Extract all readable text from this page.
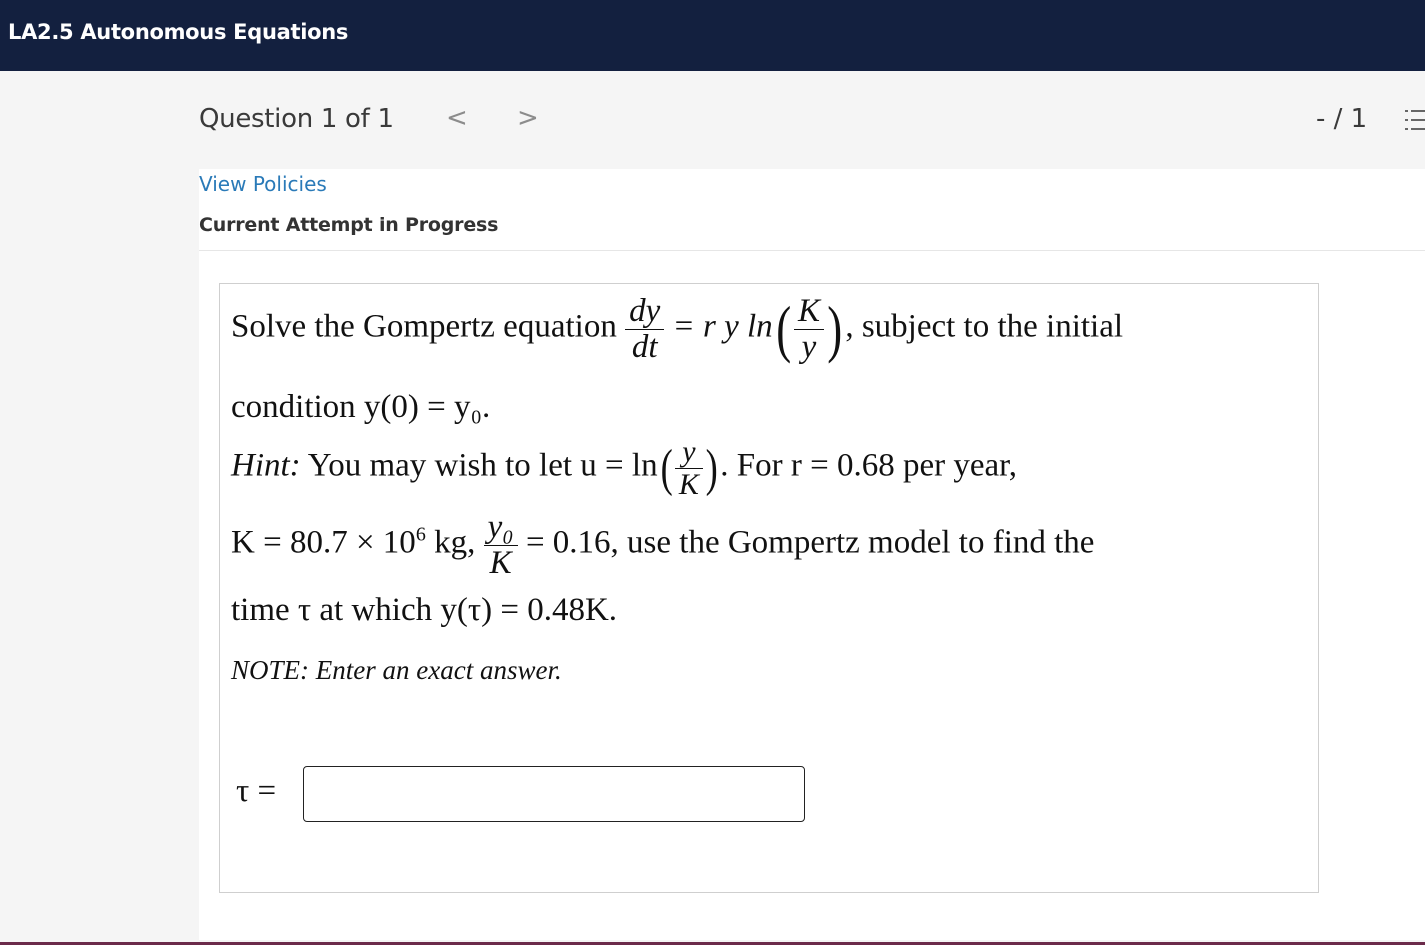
LA2.5 Autonomous Equations
Question 1 of 1 < >	- / 1
View Policies
Current Attempt in Progress
Solve the Gompertz equation $\frac{dy}{dt} = r$ y $\ln( \frac{K}{y}$ ), subject to the initial
condition y(0) = y₀.
Hint: You may wish to let $u = \ln( \frac{y}{K}$ ). For r = 0.68 per year,
$K = 80.7 \times 10^6$ kg, $\frac{\text{y₀}}{K} = 0.16$, use the Gompertz model to find the
time τ at which y(τ) = 0.48K.
NOTE: Enter an exact answer.
τ =
